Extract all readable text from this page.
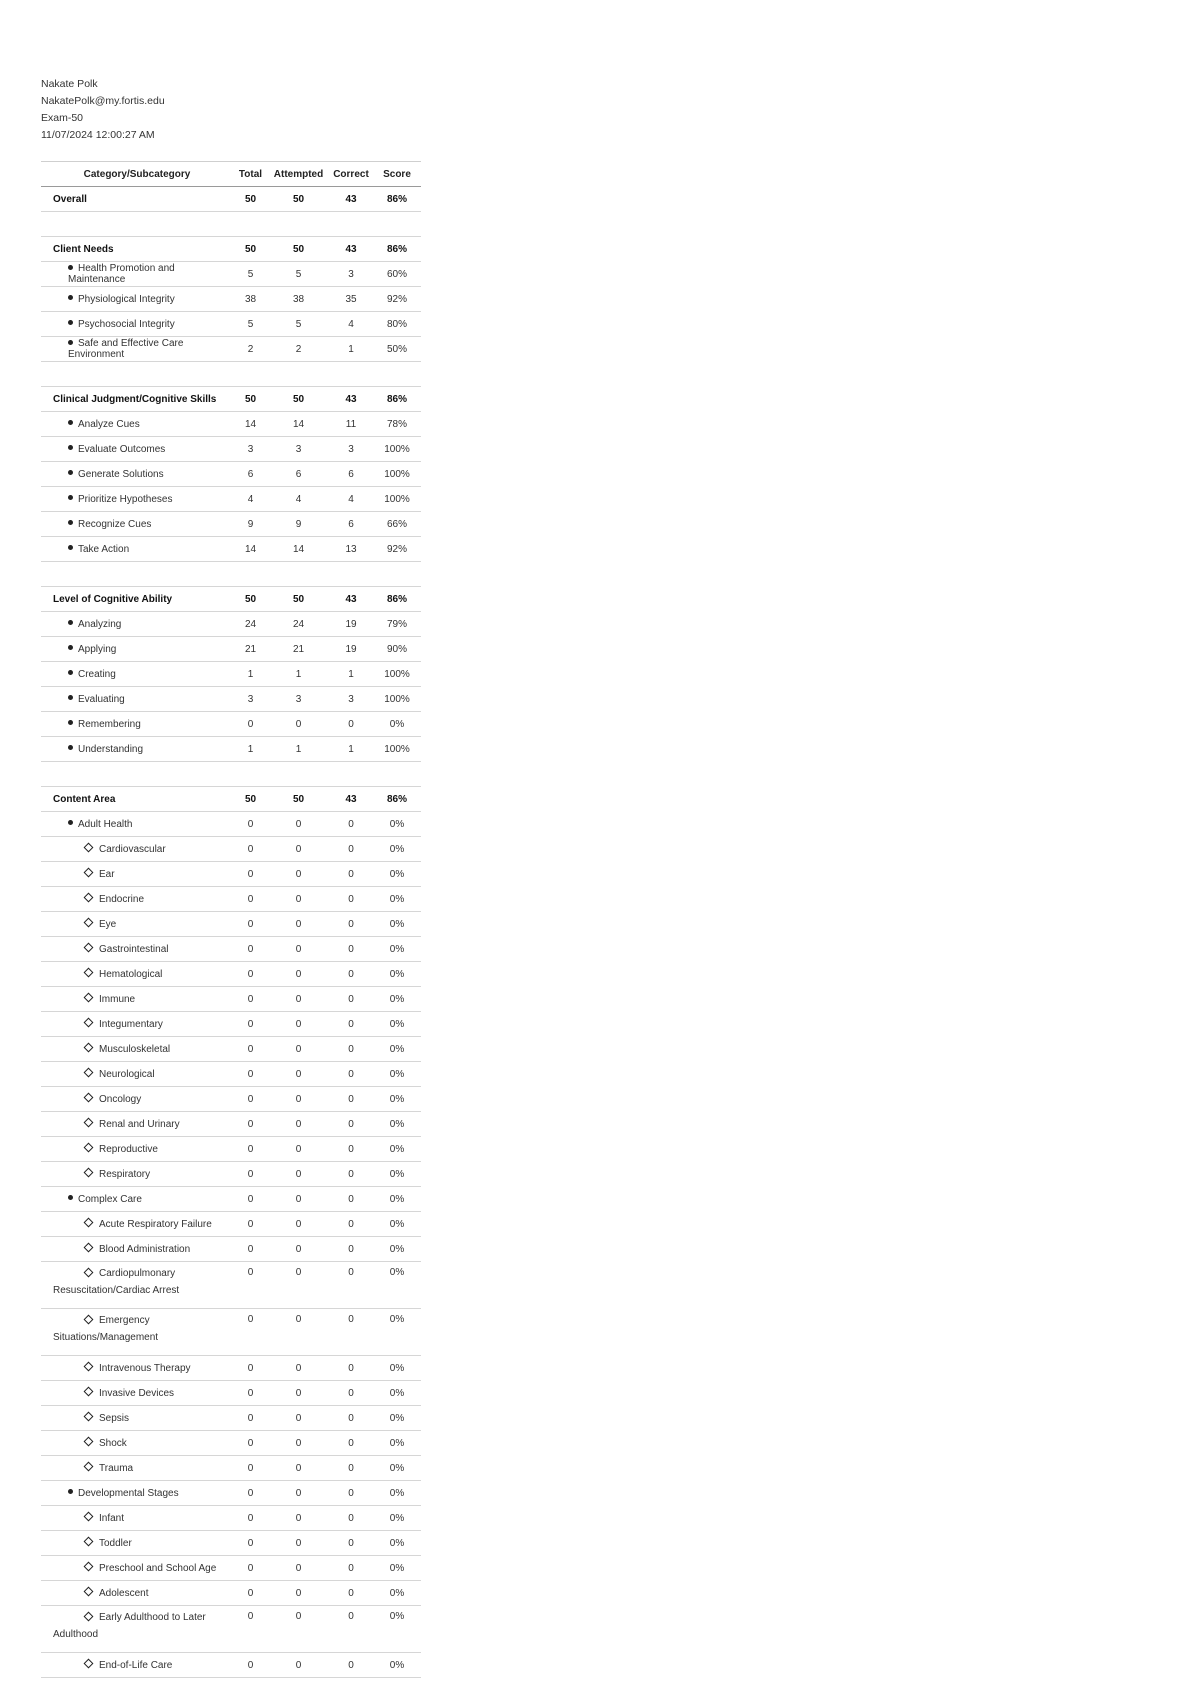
Nakate Polk
NakatePolk@my.fortis.edu
Exam-50
11/07/2024 12:00:27 AM
Category/Subcategory	Total	Attempted	Correct	Score
Overall	50	50	43	86%

Client Needs	50	50	43	86%
Health Promotion and Maintenance	5	5	3	60%
Physiological Integrity	38	38	35	92%
Psychosocial Integrity	5	5	4	80%
Safe and Effective Care Environment	2	2	1	50%

Clinical Judgment/Cognitive Skills	50	50	43	86%
Analyze Cues	14	14	11	78%
Evaluate Outcomes	3	3	3	100%
Generate Solutions	6	6	6	100%
Prioritize Hypotheses	4	4	4	100%
Recognize Cues	9	9	6	66%
Take Action	14	14	13	92%

Level of Cognitive Ability	50	50	43	86%
Analyzing	24	24	19	79%
Applying	21	21	19	90%
Creating	1	1	1	100%
Evaluating	3	3	3	100%
Remembering	0	0	0	0%
Understanding	1	1	1	100%

Content Area	50	50	43	86%
Adult Health	0	0	0	0%
Cardiovascular	0	0	0	0%
Ear	0	0	0	0%
Endocrine	0	0	0	0%
Eye	0	0	0	0%
Gastrointestinal	0	0	0	0%
Hematological	0	0	0	0%
Immune	0	0	0	0%
Integumentary	0	0	0	0%
Musculoskeletal	0	0	0	0%
Neurological	0	0	0	0%
Oncology	0	0	0	0%
Renal and Urinary	0	0	0	0%
Reproductive	0	0	0	0%
Respiratory	0	0	0	0%
Complex Care	0	0	0	0%
Acute Respiratory Failure	0	0	0	0%
Blood Administration	0	0	0	0%
Cardiopulmonary
Resuscitation/Cardiac Arrest	0	0	0	0%
Emergency
Situations/Management	0	0	0	0%
Intravenous Therapy	0	0	0	0%
Invasive Devices	0	0	0	0%
Sepsis	0	0	0	0%
Shock	0	0	0	0%
Trauma	0	0	0	0%
Developmental Stages	0	0	0	0%
Infant	0	0	0	0%
Toddler	0	0	0	0%
Preschool and School Age	0	0	0	0%
Adolescent	0	0	0	0%
Early Adulthood to Later
Adulthood	0	0	0	0%
End-of-Life Care	0	0	0	0%
